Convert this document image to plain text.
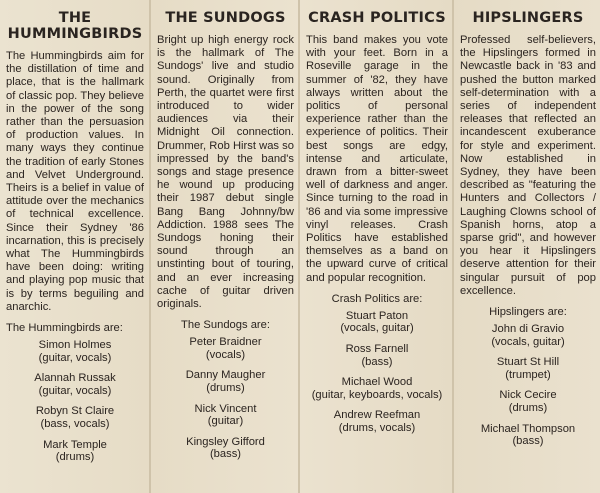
THE
HUMMINGBIRDS

The Hummingbirds aim for the distillation of time and place, that is the hallmark of classic pop. They believe in the power of the song rather than the persuasion of production values. In many ways they continue the tradition of early Stones and Velvet Underground. Theirs is a belief in value of attitude over the mechanics of technical excellence. Since their Sydney '86 incarnation, this is precisely what The Hummingbirds have been doing: writing and playing pop music that is by terms beguiling and anarchic.

The Hummingbirds are:
Simon Holmes
(guitar, vocals)
Alannah Russak
(guitar, vocals)
Robyn St Claire
(bass, vocals)
Mark Temple
(drums)
THE SUNDOGS

Bright up high energy rock is the hallmark of The Sundogs' live and studio sound. Originally from Perth, the quartet were first introduced to wider audiences via their Midnight Oil connection. Drummer, Rob Hirst was so impressed by the band's songs and stage presence he wound up producing their 1987 debut single Bang Bang Johnny/bw Addiction. 1988 sees The Sundogs honing their sound through an unstinting bout of touring, and an ever increasing cache of guitar driven originals.

The Sundogs are:
Peter Braidner
(vocals)
Danny Maugher
(drums)
Nick Vincent
(guitar)
Kingsley Gifford
(bass)
CRASH POLITICS

This band makes you vote with your feet. Born in a Roseville garage in the summer of '82, they have always written about the politics of personal experience rather than the experience of politics. Their best songs are edgy, intense and articulate, drawn from a bitter-sweet well of darkness and anger. Since turning to the road in '86 and via some impressive vinyl releases. Crash Politics have established themselves as a band on the upward curve of critical and popular recognition.

Crash Politics are:
Stuart Paton
(vocals, guitar)
Ross Farnell
(bass)
Michael Wood
(guitar, keyboards, vocals)
Andrew Reefman
(drums, vocals)
HIPSLINGERS

Professed self-believers, the Hipslingers formed in Newcastle back in '83 and pushed the button marked self-determination with a series of independent releases that reflected an incandescent exuberance for style and experiment. Now established in Sydney, they have been described as "featuring the Hunters and Collectors / Laughing Clowns school of Spanish horns, atop a sparse grid", and however you hear it Hipslingers deserve attention for their singular pursuit of pop excellence.

Hipslingers are:
John di Gravio
(vocals, guitar)
Stuart St Hill
(trumpet)
Nick Cecire
(drums)
Michael Thompson
(bass)
